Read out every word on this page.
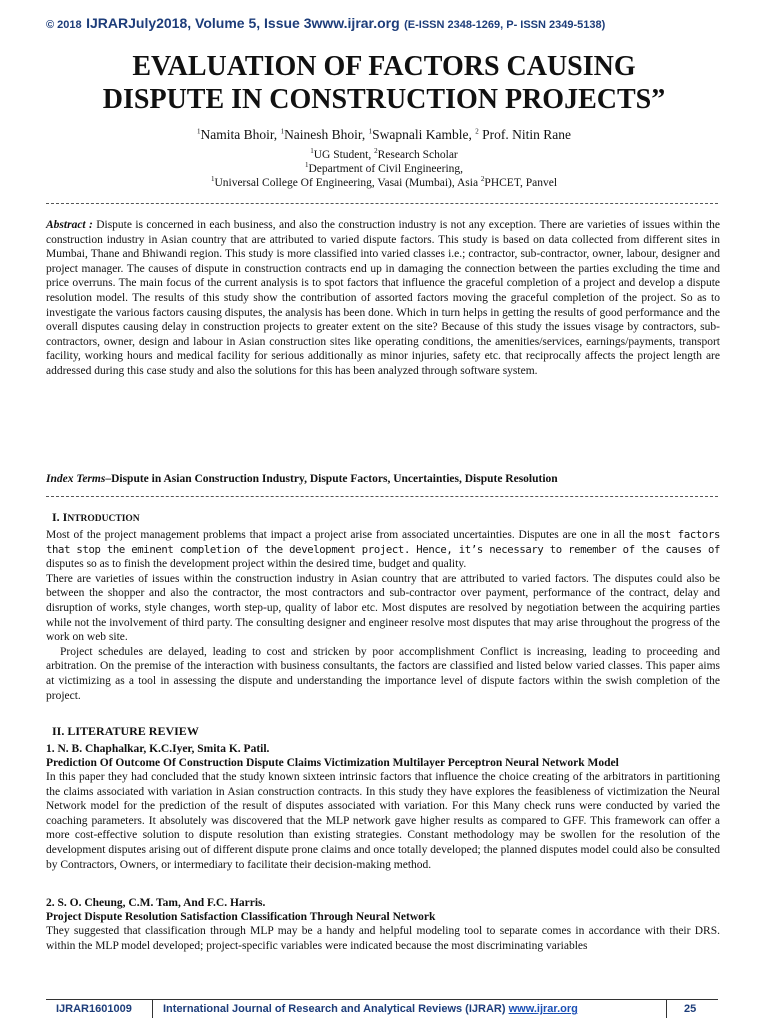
© 2018 IJRARJuly2018, Volume 5, Issue 3www.ijrar.org (E-ISSN 2348-1269, P- ISSN 2349-5138)
EVALUATION OF FACTORS CAUSING
DISPUTE IN CONSTRUCTION PROJECTS”
$^1$Namita Bhoir, $^1$Nainesh Bhoir, $^1$Swapnali Kamble, $^2$ Prof. Nitin Rane
$^1$UG Student, $^2$Research Scholar
$^1$Department of Civil Engineering,
$^1$Universal College Of Engineering, Vasai (Mumbai), Asia $^2$PHCET, Panvel

Abstract : Dispute is concerned in each business, and also the construction industry is not any exception. There are varieties of issues within the construction industry in Asian country that are attributed to varied dispute factors. This study is based on data collected from different sites in Mumbai, Thane and Bhiwandi region. This study is more classified into varied classes i.e.; contractor, sub-contractor, owner, labour, designer and project manager. The causes of dispute in construction contracts end up in damaging the connection between the parties excluding the time and price overruns. The main focus of the current analysis is to spot factors that influence the graceful completion of a project and develop a dispute resolution model. The results of this study show the contribution of assorted factors moving the graceful completion of the project. So as to investigate the various factors causing disputes, the analysis has been done. Which in turn helps in getting the results of good performance and the overall disputes causing delay in construction projects to greater extent on the site? Because of this study the issues visage by contractors, sub-contractors, owner, design and labour in Asian construction sites like operating conditions, the amenities/services, earnings/payments, transport facility, working hours and medical facility for serious additionally as minor injuries, safety etc. that reciprocally affects the project length are addressed during this case study and also the solutions for this has been analyzed through software system.

Index Terms–Dispute in Asian Construction Industry, Dispute Factors, Uncertainties, Dispute Resolution

I. INTRODUCTION

Most of the project management problems that impact a project arise from associated uncertainties. Disputes are one in all the most factors that stop the eminent completion of the development project. Hence, it’s necessary to remember of the causes of disputes so as to finish the development project within the desired time, budget and quality.

There are varieties of issues within the construction industry in Asian country that are attributed to varied factors. The disputes could also be between the shopper and also the contractor, the most contractors and sub-contractor over payment, performance of the contract, delay and disruption of works, style changes, worth step-up, quality of labor etc. Most disputes are resolved by negotiation between the acquiring parties while not the involvement of third party. The consulting designer and engineer resolve most disputes that may arise throughout the progress of the work on web site.

Project schedules are delayed, leading to cost and stricken by poor accomplishment Conflict is increasing, leading to proceeding and arbitration. On the premise of the interaction with business consultants, the factors are classified and listed below varied classes. This paper aims at victimizing as a tool in assessing the dispute and understanding the importance level of dispute factors within the swish completion of the project.

II. LITERATURE REVIEW
1. N. B. Chaphalkar, K.C.Iyer, Smita K. Patil.
Prediction Of Outcome Of Construction Dispute Claims Victimization Multilayer Perceptron Neural Network Model

In this paper they had concluded that the study known sixteen intrinsic factors that influence the choice creating of the arbitrators in partitioning the claims associated with variation in Asian construction contracts. In this study they have explores the feasibleness of victimization the Neural Network model for the prediction of the result of disputes associated with variation. For this Many check runs were conducted by varied the coaching parameters. It absolutely was discovered that the MLP network gave higher results as compared to GFF. This framework can offer a more cost-effective solution to dispute resolution than existing strategies. Constant methodology may be swollen for the resolution of the development disputes arising out of different dispute prone claims and once totally developed; the planned disputes model could also be consulted by Contractors, Owners, or intermediary to facilitate their decision-making method.

2. S. O. Cheung, C.M. Tam, And F.C. Harris.
Project Dispute Resolution Satisfaction Classification Through Neural Network

They suggested that classification through MLP may be a handy and helpful modeling tool to separate comes in accordance with their DRS. within the MLP model developed; project-specific variables were indicated because the most discriminating variables

IJRAR1601009	International Journal of Research and Analytical Reviews (IJRAR) www.ijrar.org	25
